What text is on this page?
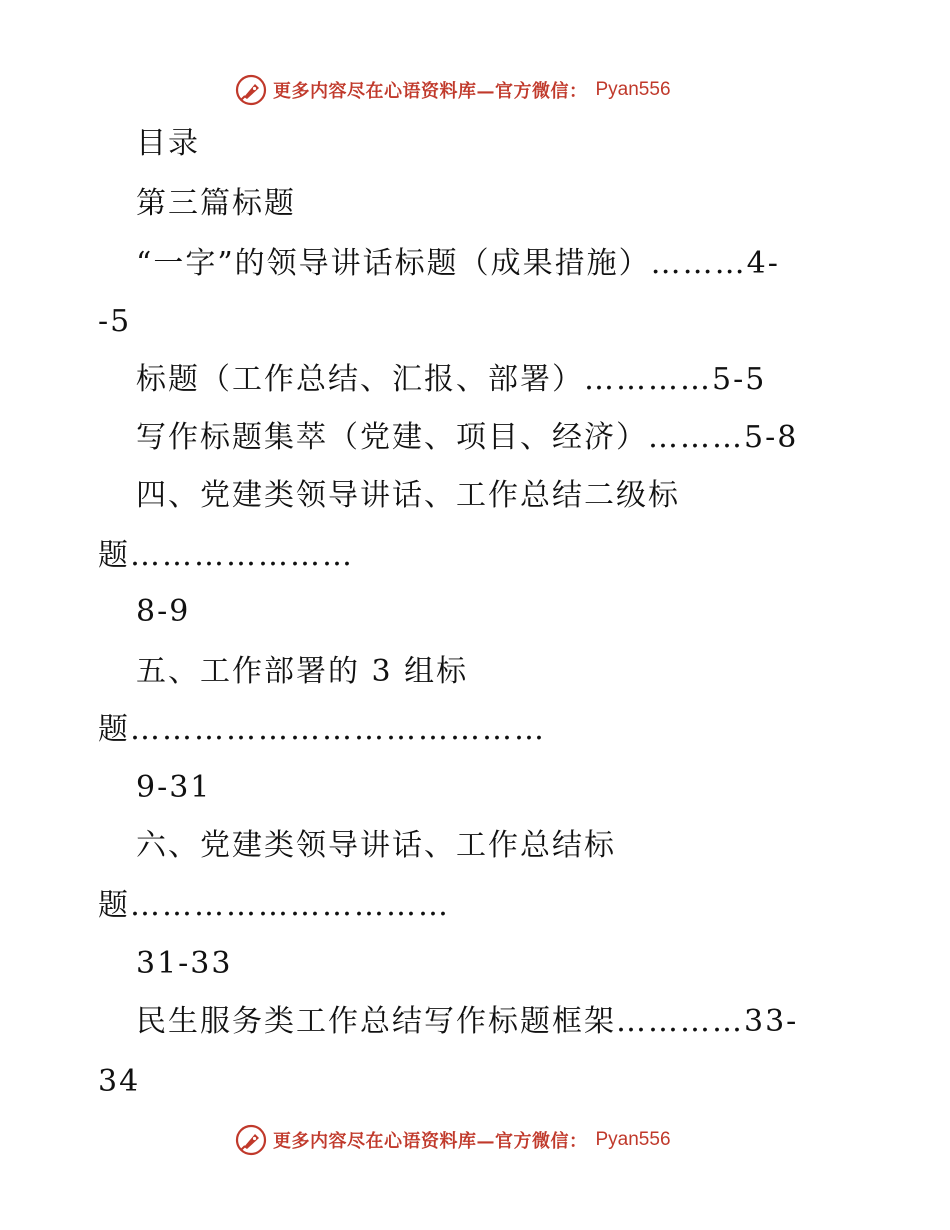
更多内容尽在心语资料库—官方微信： Pyan556

目录

第三篇标题

“一字”的领导讲话标题（成果措施）………4-

-5

标题（工作总结、汇报、部署）…………5-5

写作标题集萃（党建、项目、经济）………5-8

四、党建类领导讲话、工作总结二级标

题…………………

8-9

五、工作部署的 3 组标

题…………………………………

9-31

六、党建类领导讲话、工作总结标

题…………………………

31-33

民生服务类工作总结写作标题框架…………33-

34

更多内容尽在心语资料库—官方微信： Pyan556
